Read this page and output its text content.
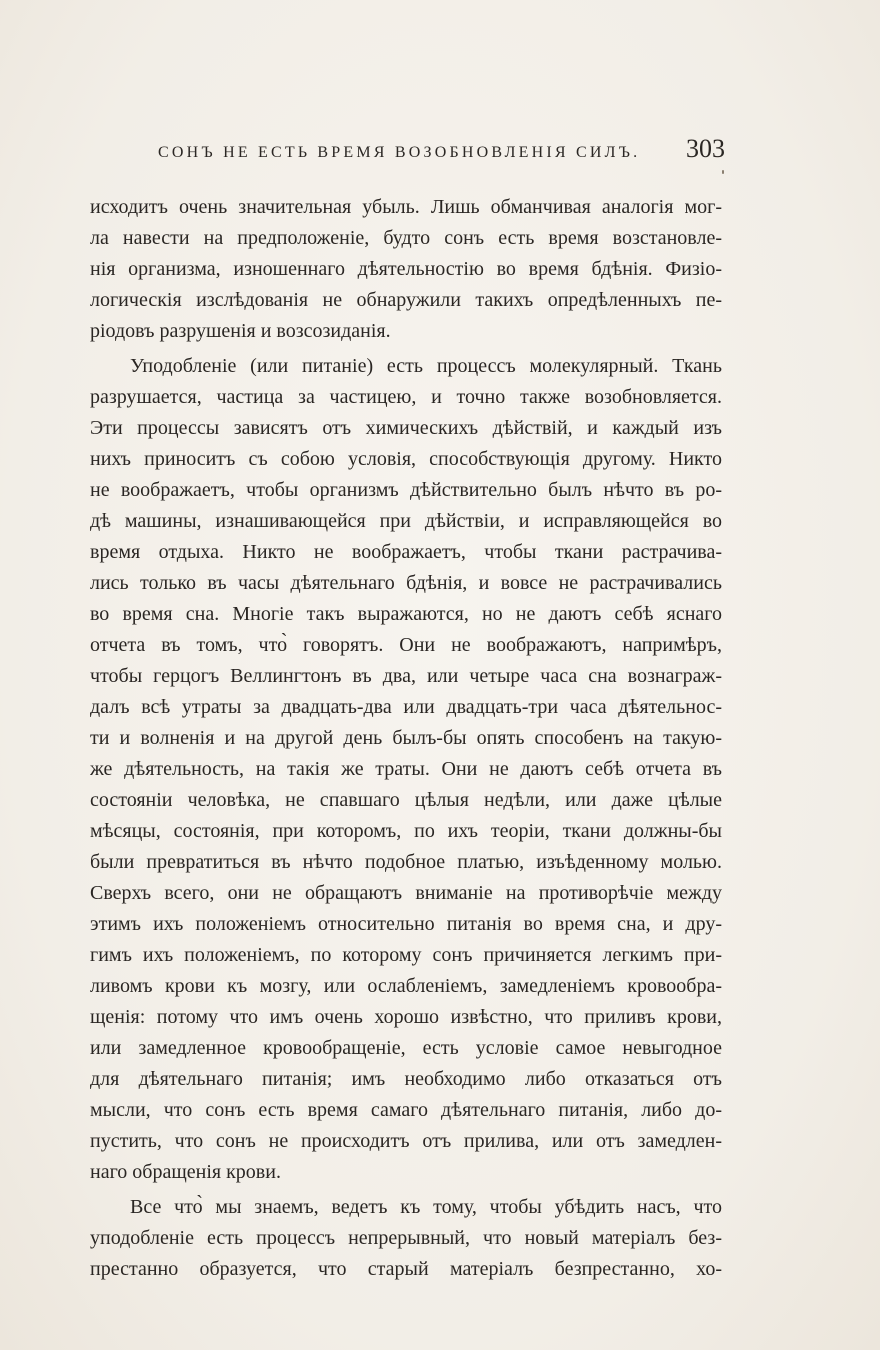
СОНЪ НЕ ЕСТЬ ВРЕМЯ ВОЗОБНОВЛЕНІЯ СИЛЪ. 303
исходитъ очень значительная убыль. Лишь обманчивая аналогія мог-
ла навести на предположеніе, будто сонъ есть время возстановле-
нія организма, изношеннаго дѣятельностію во время бдѣнія. Физіо-
логическія изслѣдованія не обнаружили такихъ опредѣленныхъ пе-
ріодовъ разрушенія и возсозиданія.
Уподобленіе (или питаніе) есть процессъ молекулярный. Ткань
разрушается, частица за частицею, и точно также возобновляется.
Эти процессы зависятъ отъ химическихъ дѣйствій, и каждый изъ
нихъ приноситъ съ собою условія, способствующія другому. Никто
не воображаетъ, чтобы организмъ дѣйствительно былъ нѣчто въ ро-
дѣ машины, изнашивающейся при дѣйствіи, и исправляющейся во
время отдыха. Никто не воображаетъ, чтобы ткани растрачива-
лись только въ часы дѣятельнаго бдѣнія, и вовсе не растрачивались
во время сна. Многіе такъ выражаются, но не даютъ себѣ яснаго
отчета въ томъ, что̀ говорятъ. Они не воображаютъ, напримѣръ,
чтобы герцогъ Веллингтонъ въ два, или четыре часа сна вознаграж-
далъ всѣ утраты за двадцать-два или двадцать-три часа дѣятельнос-
ти и волненія и на другой день былъ-бы опять способенъ на такую-
же дѣятельность, на такія же траты. Они не даютъ себѣ отчета въ
состояніи человѣка, не спавшаго цѣлыя недѣли, или даже цѣлые
мѣсяцы, состоянія, при которомъ, по ихъ теоріи, ткани должны-бы
были превратиться въ нѣчто подобное платью, изъѣденному молью.
Сверхъ всего, они не обращаютъ вниманіе на противорѣчіе между
этимъ ихъ положеніемъ относительно питанія во время сна, и дру-
гимъ ихъ положеніемъ, по которому сонъ причиняется легкимъ при-
ливомъ крови къ мозгу, или ослабленіемъ, замедленіемъ кровообра-
щенія: потому что имъ очень хорошо извѣстно, что приливъ крови,
или замедленное кровообращеніе, есть условіе самое невыгодное
для дѣятельнаго питанія; имъ необходимо либо отказаться отъ
мысли, что сонъ есть время самаго дѣятельнаго питанія, либо до-
пустить, что сонъ не происходитъ отъ прилива, или отъ замедлен-
наго обращенія крови.
Все что̀ мы знаемъ, ведетъ къ тому, чтобы убѣдить насъ, что
уподобленіе есть процессъ непрерывный, что новый матеріалъ без-
престанно образуется, что старый матеріалъ безпрестанно, хо-
